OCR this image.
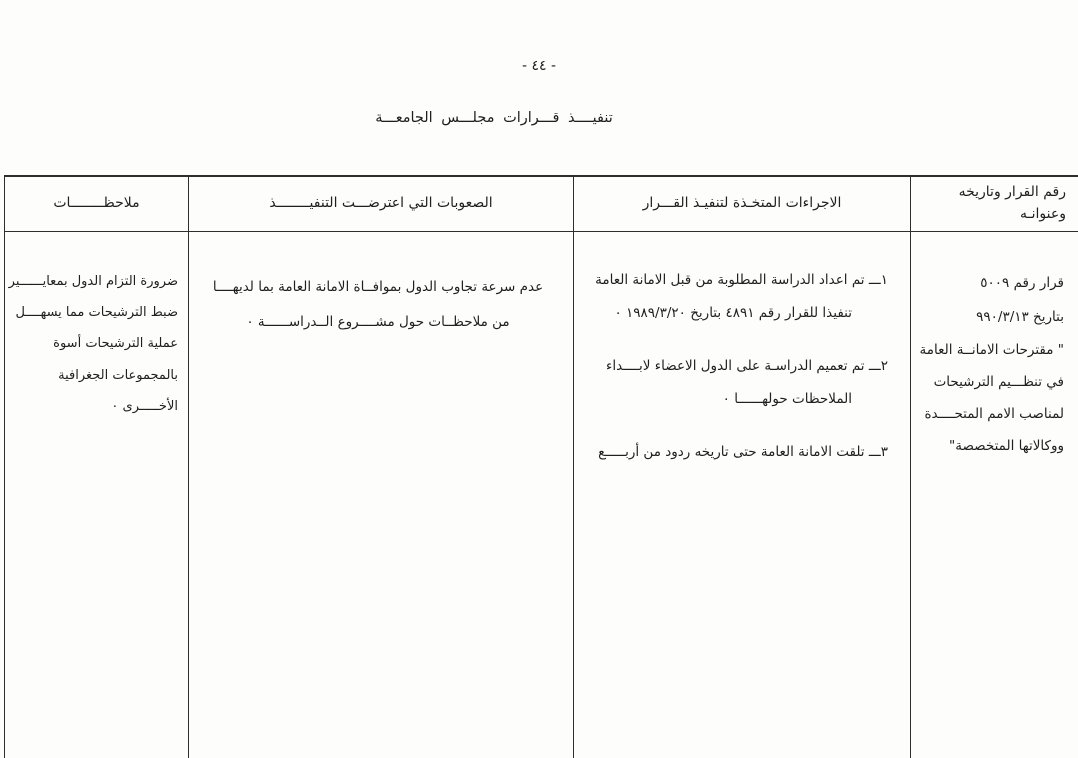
- ٤٤ -
تنفيــــذ قـــرارات مجلـــس الجامعـــة
رقم القرار وتاريخه وعنوانـه
الاجراءات المتخـذة لتنفيـذ القـــرار
الصعوبات التي اعترضـــت التنفيــــــــذ
ملاحظــــــــات
قرار رقم ٥٠٠٩
بتاريخ ٩٩٠/٣/١٣
" مقترحات الامانــة العامة في تنظـــيم الترشيحات لمناصب الامم المتحــــدة ووكالاتها المتخصصة"
١ـــ تم اعداد الدراسة المطلوبة من قبل الامانة العامة تنفيذا للقرار رقم ٤٨٩١ بتاريخ ١٩٨٩/٣/٢٠ ٠
٢ـــ تم تعميم الدراسـة على الدول الاعضاء لابــــداء الملاحظات حولهــــــا ٠
٣ـــ تلقت الامانة العامة حتى تاريخه ردود من أربـــــع
عدم سرعة تجاوب الدول بموافــاة الامانة العامة بما لديهــــا من ملاحظــات حول مشــــروع الــدراســــــة ٠
ضرورة التزام الدول بمعايــــــير ضبط الترشيحات مما يسهــــل عملية الترشيحات أسوة بالمجموعات الجغرافية الأخـــــرى ٠
